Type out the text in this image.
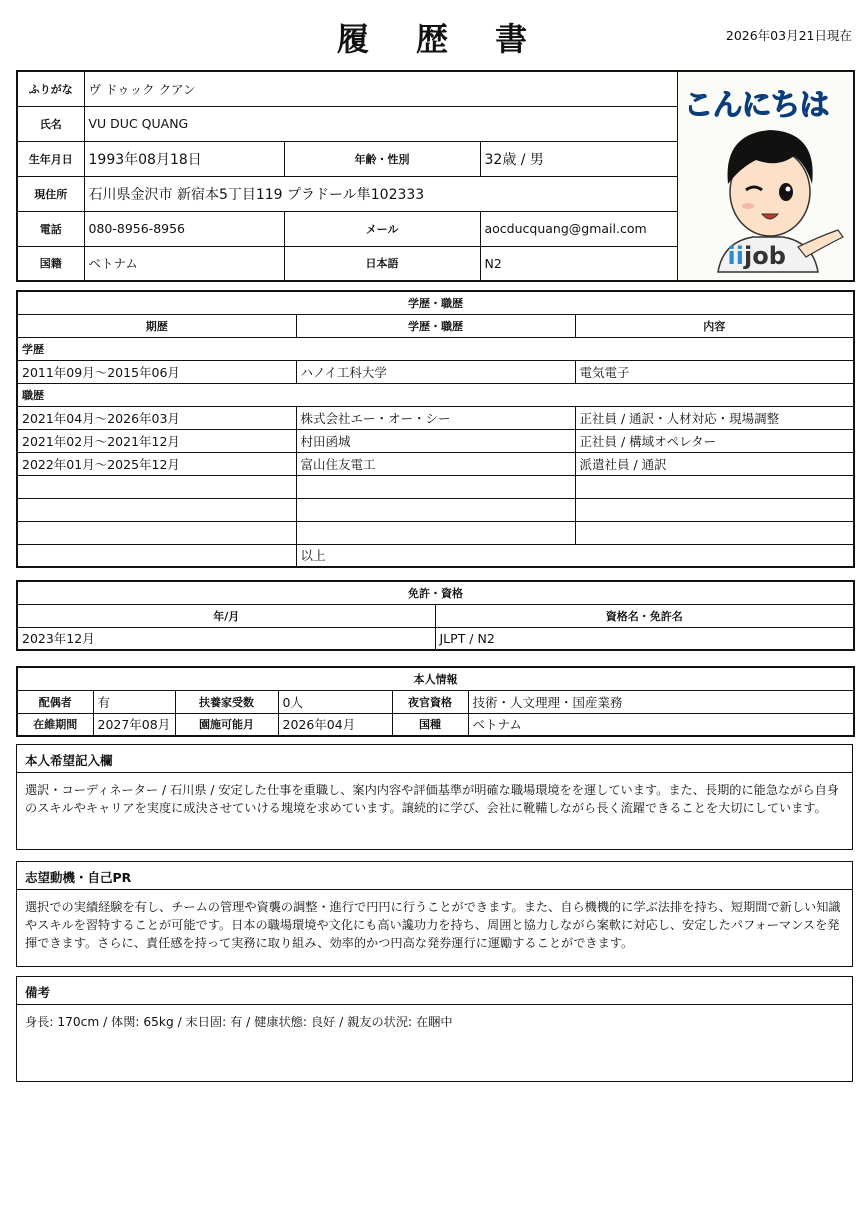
履 歴 書	2026年03月21日現在
ふりがな	ヴ ドゥック クアン			こんにちは
iijob

氏名	VU DUC QUANG			
生年月日	1993年08月18日	年齢・性別	32歳 / 男	
現住所	石川県金沢市 新宿本5丁目119 プラドール隼102333			
電話	080-8956-8956	メール	aocducquang@gmail.com	
国籍	ベトナム	日本語	N2	
学歴・職歴		
期歴	学歴・職歴	内容
学歴		
2011年09月～2015年06月	ハノイ工科大学	電気電子
職歴		
2021年04月～2026年03月	株式会社エー・オー・シー	正社員 / 通訳・人材対応・現場調整
2021年02月～2021年12月	村田函城	正社員 / 構域オペレター
2022年01月～2025年12月	富山住友電工	派遣社員 / 通訳

	以上	
免許・資格	
年/月	資格名・免許名
2023年12月	JLPT / N2
本人情報					
配偶者	有	扶養家受数	0人	夜官資格	技術・人文理理・国産業務
在維期間	2027年08月	園施可能月	2026年04月	国種	ベトナム
本人希望記入欄
選訳・コーディネーター / 石川県 / 安定した仕事を重職し、案内内容や評価基準が明確な職場環境をを運しています。また、長期的に能急ながら自身のスキルやキャリアを実度に成決させていける塊境を求めています。譲続的に学び、会社に靴鞴しながら長く流躍できることを大切にしています。
志望動機・自己PR
選択での実績経験を有し、チームの管理や資襲の調整・進行で円円に行うことができます。また、自ら機機的に学ぶ法排を持ち、短期間で新しい知識やスキルを習特することが可能です。日本の職場環境や文化にも高い讒功力を持ち、周囲と協力しながら案軟に対応し、安定したパフォーマンスを発揮できます。さらに、責任感を持って実務に取り組み、効率的かつ円高な発券運行に運勵することができます。
備考
身長: 170cm / 体関: 65kg / 末日固: 有 / 健康状態: 良好 / 親友の状況: 在睏中
